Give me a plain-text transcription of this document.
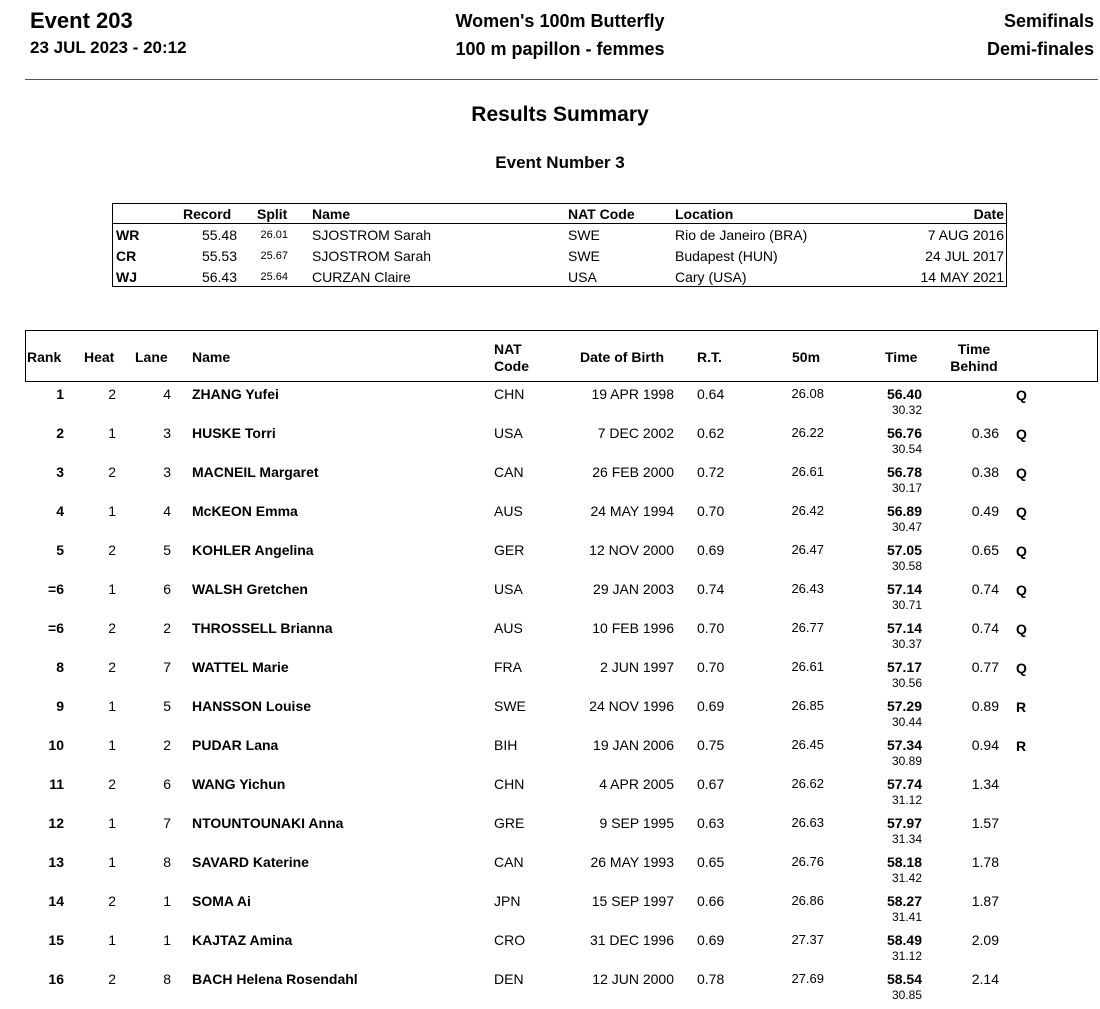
Event 203
23 JUL 2023 - 20:12
Women's 100m Butterfly
100 m papillon - femmes
Semifinals
Demi-finales
Results Summary
Event Number 3
Record Split Name	NAT Code	Location	Date
WR	55.48	26.01 SJOSTROM Sarah	SWE	Rio de Janeiro (BRA)	7 AUG 2016
CR	55.53	25.67 SJOSTROM Sarah	SWE	Budapest (HUN)	24 JUL 2017
WJ	56.43	25.64 CURZAN Claire	USA	Cary (USA)	14 MAY 2021
Rank Heat Lane Name	NAT
Code
Date of Birth R.T.	50m	Time	Time
Behind
1	2	4 ZHANG Yufei	CHN	19 APR 1998 0.64	26.08	56.40
30.32
Q
2	1	3 HUSKE Torri	USA	7 DEC 2002 0.62	26.22	56.76
30.54
0.36 Q
3	2	3 MACNEIL Margaret	CAN	26 FEB 2000 0.72	26.61	56.78
30.17
0.38 Q
4	1	4 McKEON Emma	AUS	24 MAY 1994 0.70	26.42	56.89
30.47
0.49 Q
5	2	5 KOHLER Angelina	GER	12 NOV 2000 0.69	26.47	57.05
30.58
0.65 Q
=6	1	6 WALSH Gretchen	USA	29 JAN 2003 0.74	26.43	57.14
30.71
0.74 Q
=6	2	2 THROSSELL Brianna	AUS	10 FEB 1996 0.70	26.77	57.14
30.37
0.74 Q
8	2	7 WATTEL Marie	FRA	2 JUN 1997 0.70	26.61	57.17
30.56
0.77 Q
9	1	5 HANSSON Louise	SWE	24 NOV 1996 0.69	26.85	57.29
30.44
0.89 R
10	1	2 PUDAR Lana	BIH	19 JAN 2006 0.75	26.45	57.34
30.89
0.94 R
11	2	6 WANG Yichun	CHN	4 APR 2005 0.67	26.62	57.74
31.12
1.34
12	1	7 NTOUNTOUNAKI Anna	GRE	9 SEP 1995 0.63	26.63	57.97
31.34
1.57
13	1	8 SAVARD Katerine	CAN	26 MAY 1993 0.65	26.76	58.18
31.42
1.78
14	2	1 SOMA Ai	JPN	15 SEP 1997 0.66	26.86	58.27
31.41
1.87
15	1	1 KAJTAZ Amina	CRO	31 DEC 1996 0.69	27.37	58.49
31.12
2.09
16	2	8 BACH Helena Rosendahl	DEN	12 JUN 2000 0.78	27.69	58.54
30.85
2.14
